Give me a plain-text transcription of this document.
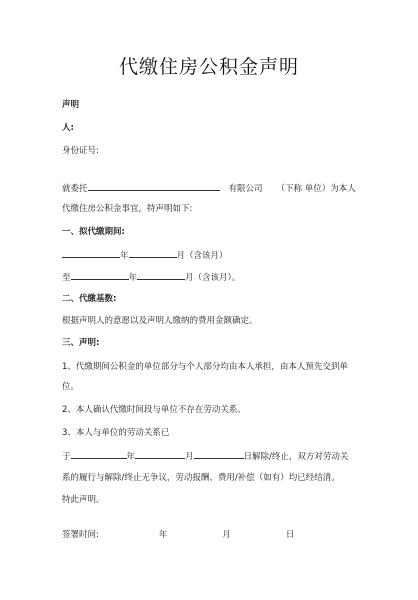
代缴住房公积金声明
声明
人:
身份证号:
就委托	有限公司 （下称 单位）为本人
代缴住房公积金事宜，特声明如下:
一、拟代缴期间:
年	月（含该月）
至	年	月（含该月）。
二、代缴基数:
根据声明人的意愿以及声明人缴纳的费用金额确定。
三、声明:
1、代缴期间公积金的单位部分与个人部分均由本人承担，由本人预先交到单
位。
2、本人确认代缴时间段与单位不存在劳动关系。
3、本人与单位的劳动关系已
于	年	月	日解除/终止，双方对劳动关
系的履行与解除/终止无争议，劳动报酬、费用/补偿（如有）均已经结清。
特此声明。
签署时间:	年	月	日
